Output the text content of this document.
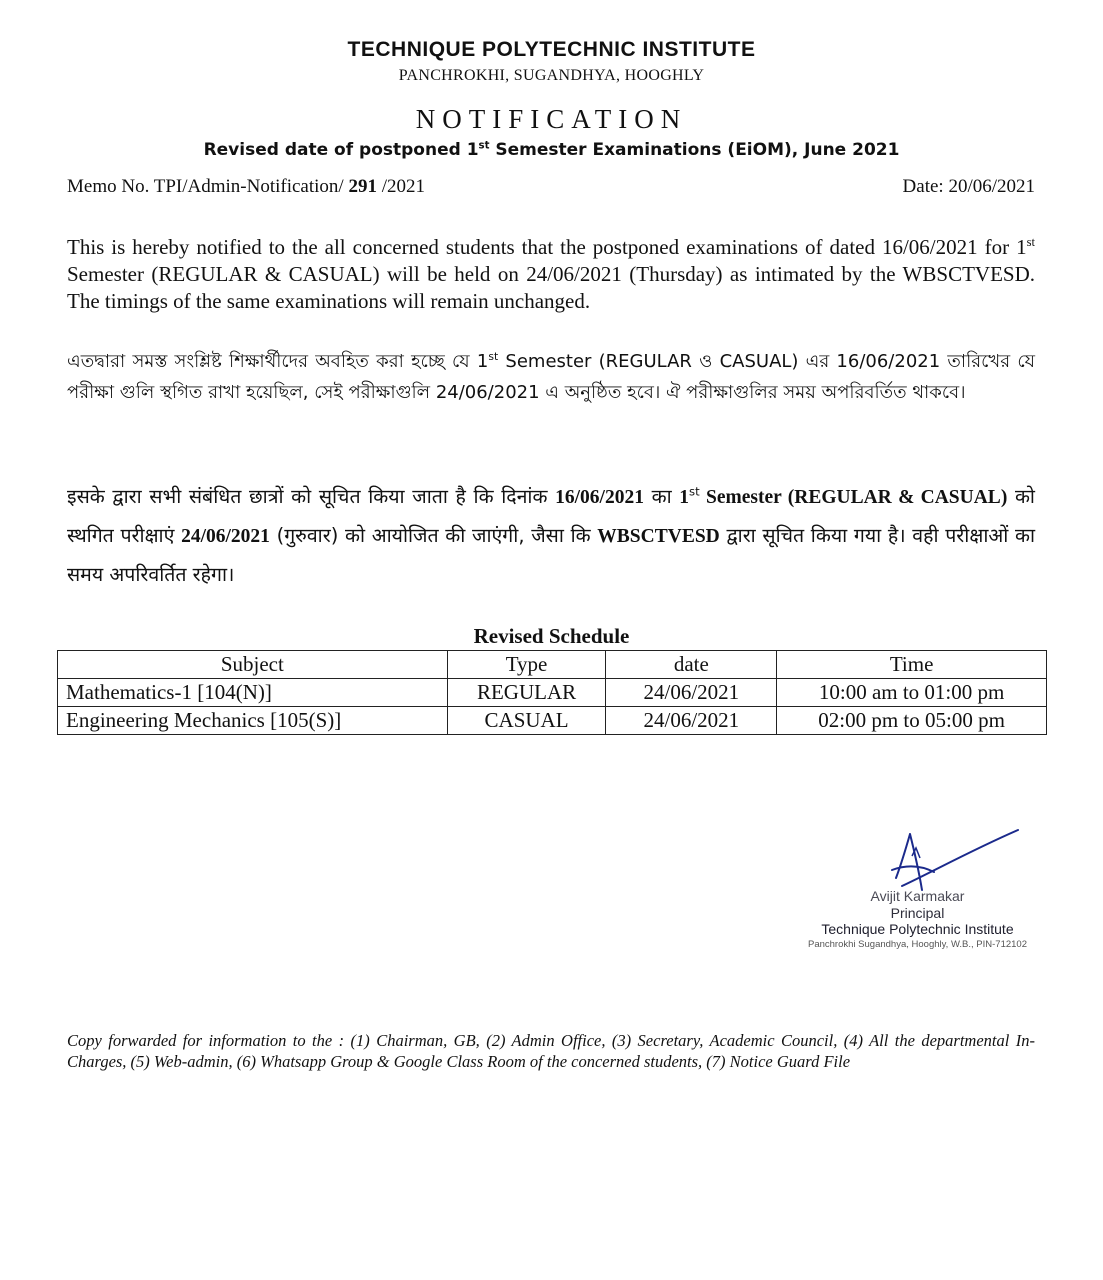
TECHNIQUE POLYTECHNIC INSTITUTE
PANCHROKHI, SUGANDHYA, HOOGHLY
NOTIFICATION
Revised date of postponed 1st Semester Examinations (EiOM), June 2021
Memo No. TPI/Admin-Notification/ 291 /2021	Date: 20/06/2021
This is hereby notified to the all concerned students that the postponed examinations of dated 16/06/2021 for 1st Semester (REGULAR & CASUAL) will be held on 24/06/2021 (Thursday) as intimated by the WBSCTVESD. The timings of the same examinations will remain unchanged.
এতদ্বারা সমস্ত সংশ্লিষ্ট শিক্ষার্থীদের অবহিত করা হচ্ছে যে 1st Semester (REGULAR ও CASUAL) এর 16/06/2021 তারিখের যে পরীক্ষা গুলি স্থগিত রাখা হয়েছিল, সেই পরীক্ষাগুলি 24/06/2021 এ অনুষ্ঠিত হবে। ঐ পরীক্ষাগুলির সময় অপরিবর্তিত থাকবে।
इसके द्वारा सभी संबंधित छात्रों को सूचित किया जाता है कि दिनांक 16/06/2021 का 1st Semester (REGULAR & CASUAL) को स्थगित परीक्षाएं 24/06/2021 (गुरुवार) को आयोजित की जाएंगी, जैसा कि WBSCTVESD द्वारा सूचित किया गया है। वही परीक्षाओं का समय अपरिवर्तित रहेगा।
Revised Schedule
Subject	Type	date	Time
Mathematics-1 [104(N)]	REGULAR	24/06/2021	10:00 am to 01:00 pm
Engineering Mechanics [105(S)]	CASUAL	24/06/2021	02:00 pm to 05:00 pm
Avijit Karmakar
Principal
Technique Polytechnic Institute
Panchrokhi Sugandhya, Hooghly, W.B., PIN-712102
Copy forwarded for information to the : (1) Chairman, GB, (2) Admin Office, (3) Secretary, Academic Council, (4) All the departmental In-Charges, (5) Web-admin, (6) Whatsapp Group & Google Class Room of the concerned students, (7) Notice Guard File
